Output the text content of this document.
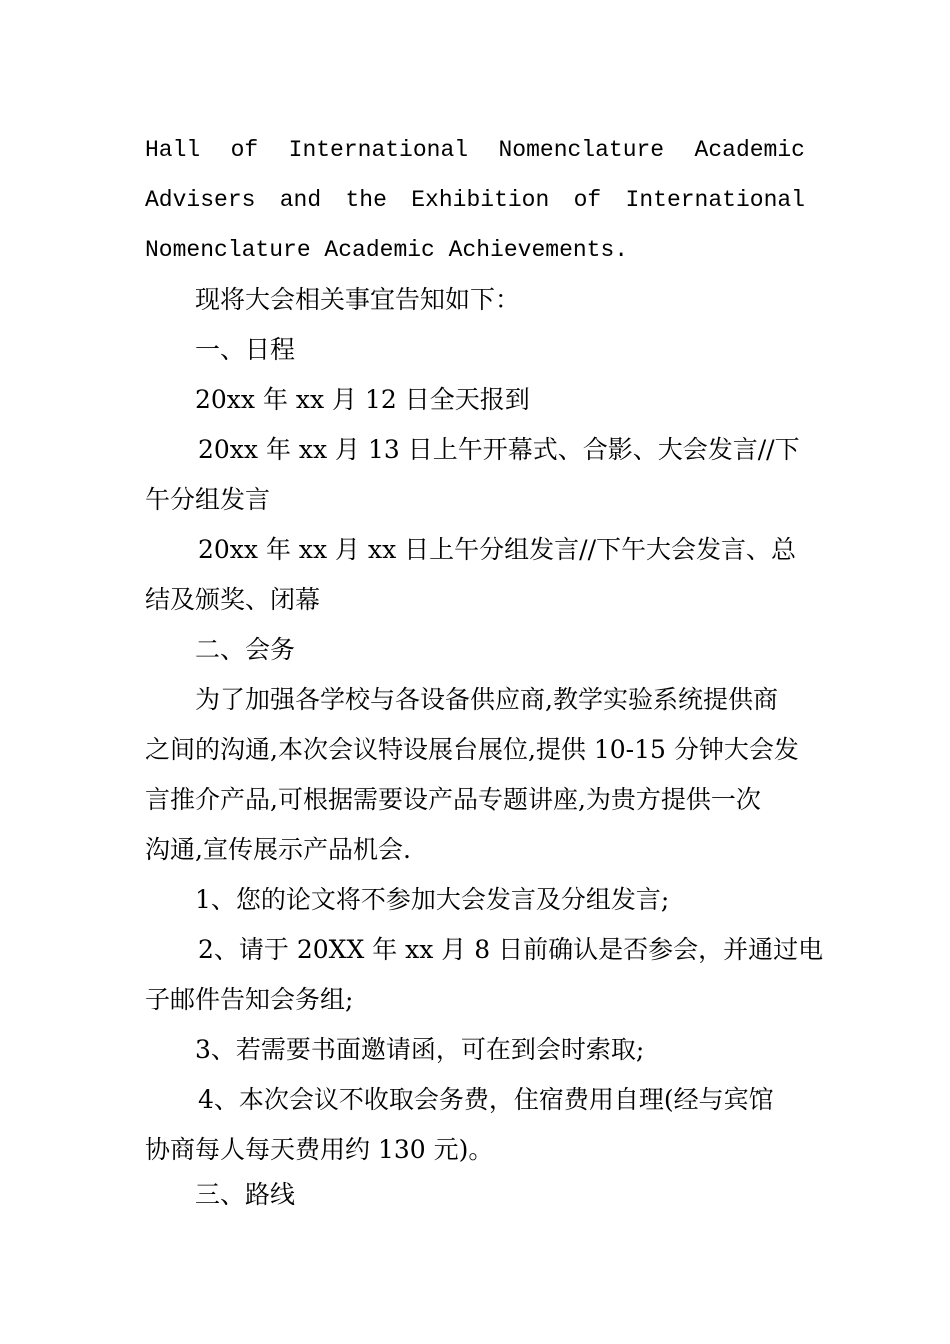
Hall of International Nomenclature Academic
Advisers and the Exhibition of International
Nomenclature Academic Achievements.
现将大会相关事宜告知如下：
一、日程
20xx 年 xx 月 12 日全天报到
20xx 年 xx 月 13 日上午开幕式、合影、大会发言//下
午分组发言
20xx 年 xx 月 xx 日上午分组发言//下午大会发言、总
结及颁奖、闭幕
二、会务
为了加强各学校与各设备供应商,教学实验系统提供商
之间的沟通,本次会议特设展台展位,提供 10-15 分钟大会发
言推介产品,可根据需要设产品专题讲座,为贵方提供一次
沟通,宣传展示产品机会.
1、您的论文将不参加大会发言及分组发言;
2、请于 20XX 年 xx 月 8 日前确认是否参会，并通过电
子邮件告知会务组;
3、若需要书面邀请函，可在到会时索取;
4、本次会议不收取会务费，住宿费用自理(经与宾馆
协商每人每天费用约 130 元)。
三、路线
